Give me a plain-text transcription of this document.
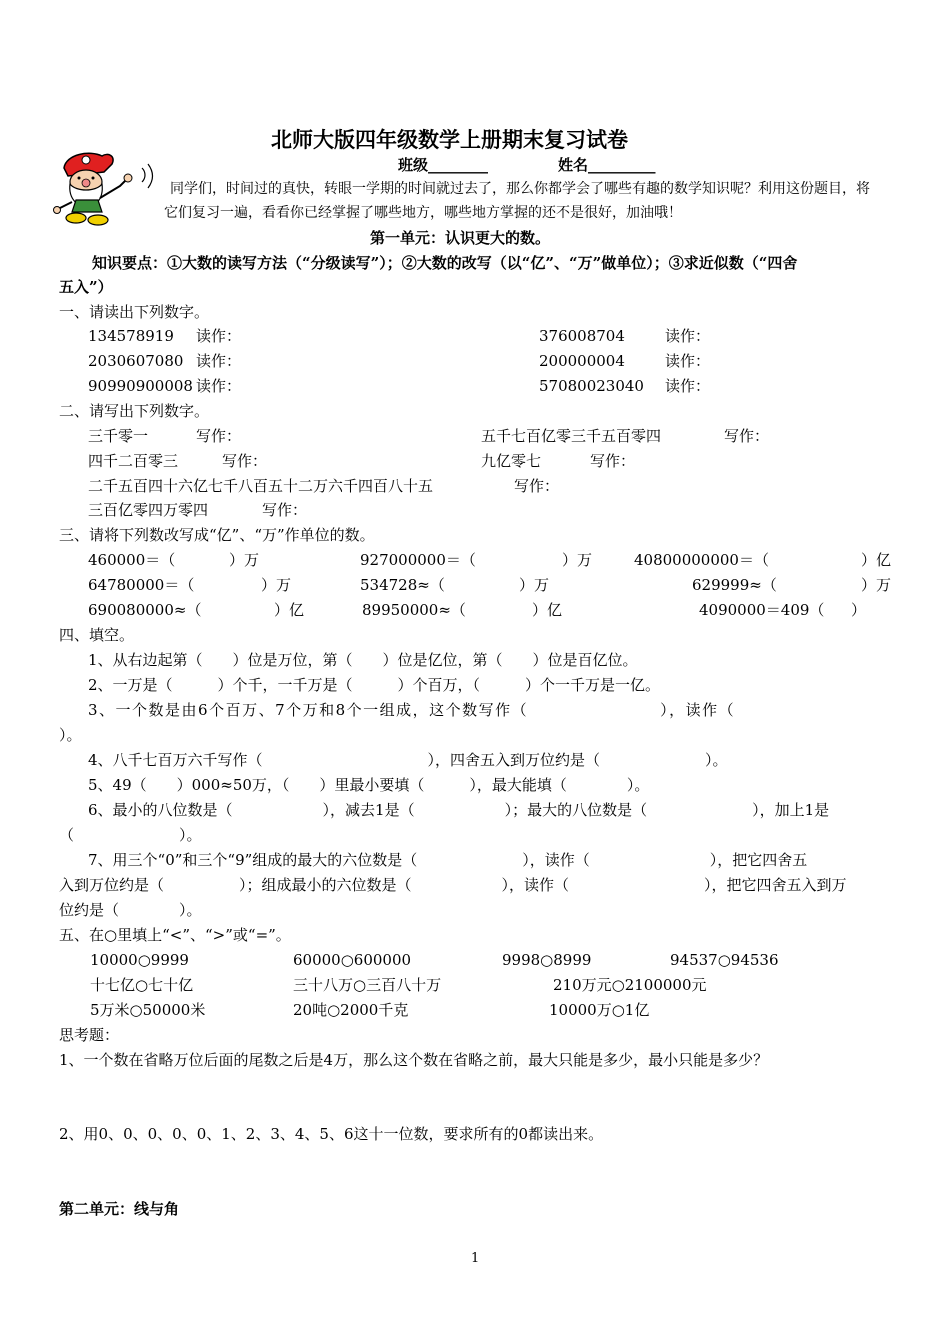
北师大版四年级数学上册期末复习试卷
班级________	姓名_________
同学们，时间过的真快，转眼一学期的时间就过去了，那么你都学会了哪些有趣的数学知识呢？利用这份题目，将
它们复习一遍，看看你已经掌握了哪些地方，哪些地方掌握的还不是很好，加油哦！
第一单元：认识更大的数。
知识要点：①大数的读写方法（“分级读写”）；②大数的改写（以“亿”、“万”做单位）；③求近似数（“四舍
五入”）
一、请读出下列数字。
134578919 读作：	376008704	读作：
2030607080 读作：	200000004	读作：
90990900008 读作：	5708002304​0 读作：
二、请写出下列数字。
三千零一	写作：	五千七百亿零三千五百零四	写作：
四千二百零三	写作：	九亿零七	写作：
二千五百四十六亿七千八百五十二万六千四百八十五	写作：
三百亿零四万零四	写作：
三、请将下列数改写成“亿”、“万”作单位的数。
460000＝（	）万	927000000＝（	）万	40800000000＝（	）亿
64780000＝（	）万	534728≈（	）万	629999≈（	）万
690080000≈（	）亿	89950000≈（	）亿	4090000＝409（ ）
四、填空。
1、从右边起第（　　）位是万位，第（　　）位是亿位，第（　　）位是百亿位。
2、一万是（　　　）个千，一千万是（　　　）个百万，（　　　）个一千万是一亿。
3、一个数是由6个百万、7个万和8个一组成，这个数写作（　　　　　　　　），读作（
）。
4、八千七百万六千写作（　　　　　　　　　　　），四舍五入到万位约是（　　　　　　　）。
5、49（　　）000≈50万，（　　）里最小要填（　　　），最大能填（　　　　）。
6、最小的八位数是（　　　　　　），减去1是（　　　　　　）；最大的八位数是（　　　　　　　），加上1是
（　　　　　　　）。
7、用三个“0”和三个“9”组成的最大的六位数是（　　　　　　　），读作（　　　　　　　　），把它四舍五
入到万位约是（　　　　　）；组成最小的六位数是（　　　　　　），读作（　　　　　　　　　），把它四舍五入到万
位约是（　　　　）。
五、在○里填上“<”、“>”或“=”。
10000○9999	60000○600000	9998○8999	94537○94536
十七亿○七十亿	三十八万○三百八十万	210万元○2100000元
5万米○50000米	20吨○2000千克	10000万○1亿
思考题：
1、一个数在省略万位后面的尾数之后是4万，那么这个数在省略之前，最大只能是多少，最小只能是多少？
2、用0、0、0、0、0、1、2、3、4、5、6这十一位数，要求所有的0都读出来。
第二单元：线与角
1
